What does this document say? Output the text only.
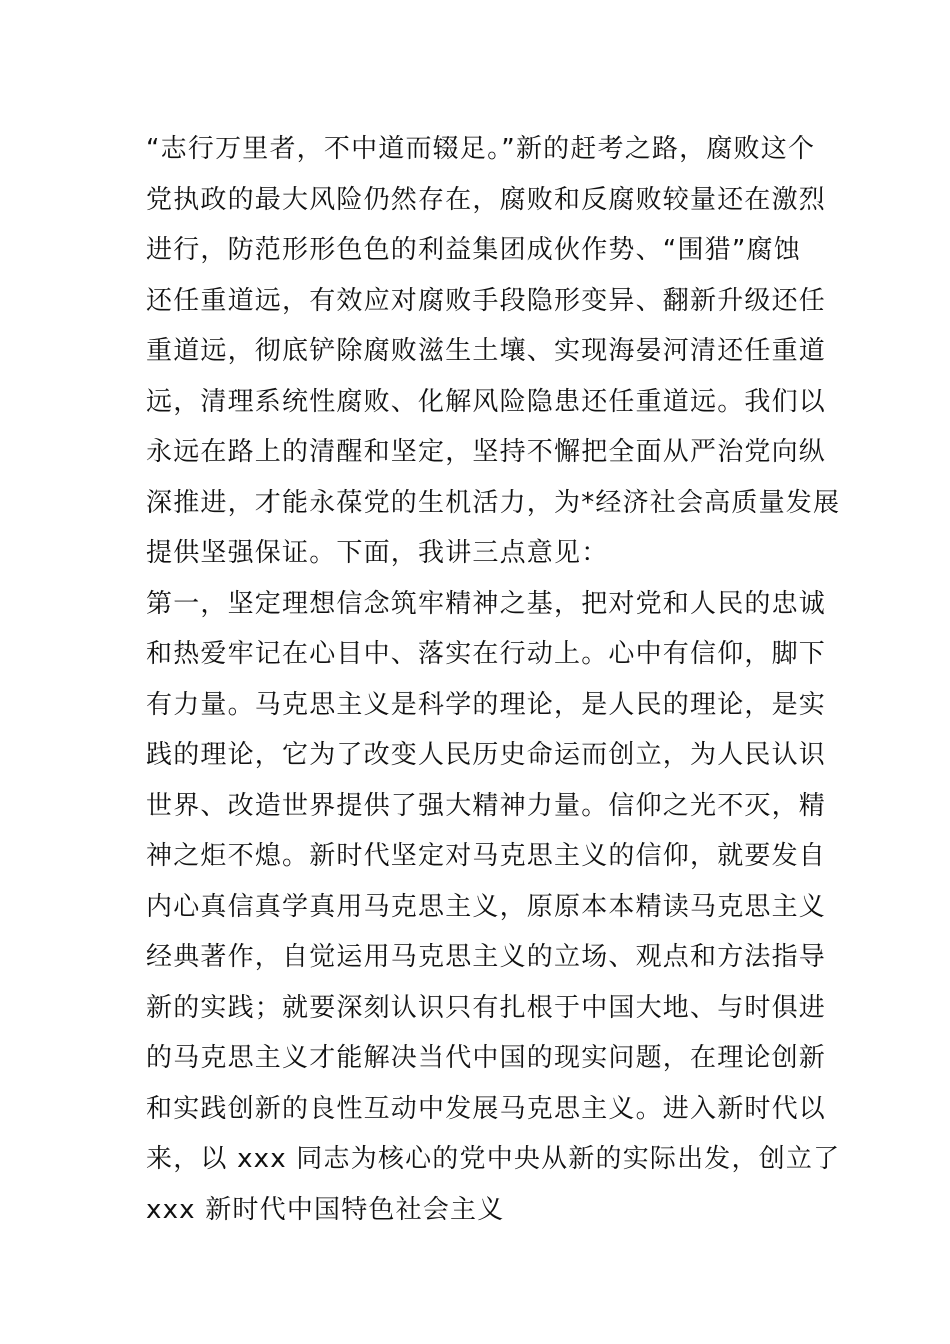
“志行万里者，不中道而辍足。”新的赶考之路，腐败这个
党执政的最大风险仍然存在，腐败和反腐败较量还在激烈
进行，防范形形色色的利益集团成伙作势、“围猎”腐蚀
还任重道远，有效应对腐败手段隐形变异、翻新升级还任
重道远，彻底铲除腐败滋生土壤、实现海晏河清还任重道
远，清理系统性腐败、化解风险隐患还任重道远。我们以
永远在路上的清醒和坚定，坚持不懈把全面从严治党向纵
深推进，才能永葆党的生机活力，为*经济社会高质量发展
提供坚强保证。下面，我讲三点意见：
第一，坚定理想信念筑牢精神之基，把对党和人民的忠诚
和热爱牢记在心目中、落实在行动上。心中有信仰，脚下
有力量。马克思主义是科学的理论，是人民的理论，是实
践的理论，它为了改变人民历史命运而创立，为人民认识
世界、改造世界提供了强大精神力量。信仰之光不灭，精
神之炬不熄。新时代坚定对马克思主义的信仰，就要发自
内心真信真学真用马克思主义，原原本本精读马克思主义
经典著作，自觉运用马克思主义的立场、观点和方法指导
新的实践；就要深刻认识只有扎根于中国大地、与时俱进
的马克思主义才能解决当代中国的现实问题，在理论创新
和实践创新的良性互动中发展马克思主义。进入新时代以
来，以 xxx 同志为核心的党中央从新的实际出发，创立了
xxx 新时代中国特色社会主义
